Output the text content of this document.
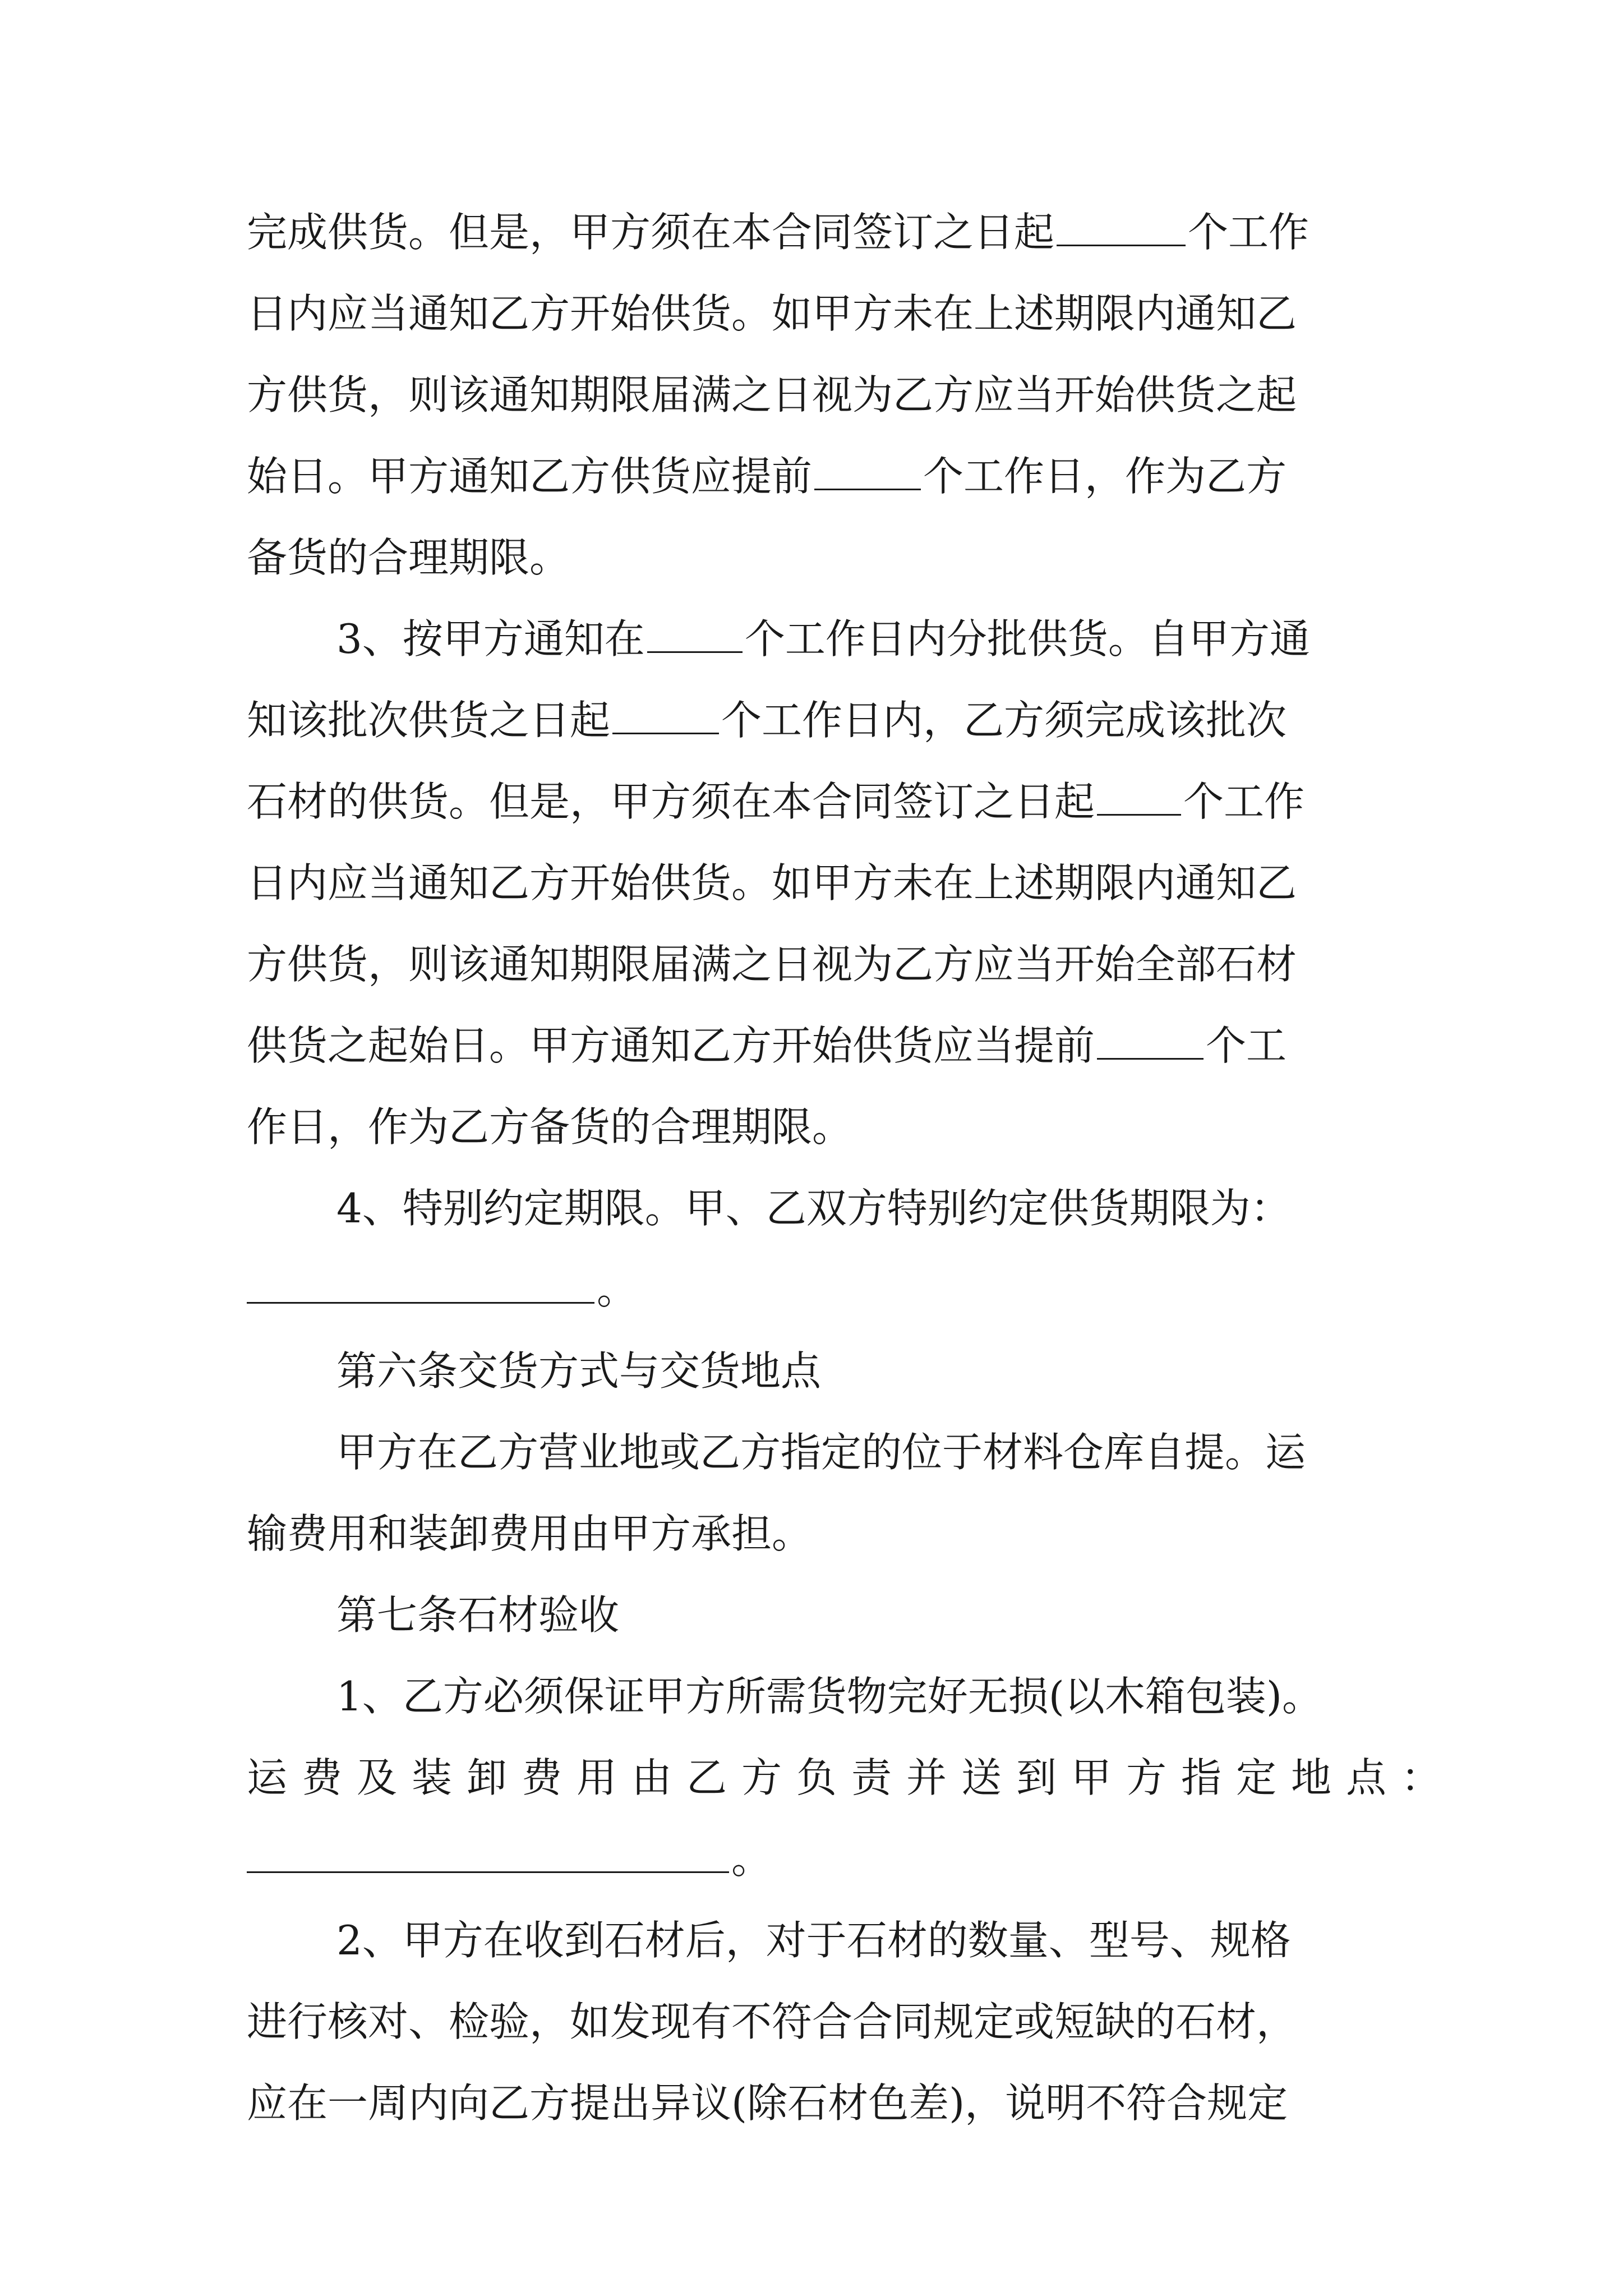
完成供货。但是，甲方须在本合同签订之日起	个工作
日内应当通知乙方开始供货。如甲方未在上述期限内通知乙
方供货，则该通知期限届满之日视为乙方应当开始供货之起
始日。甲方通知乙方供货应提前	个工作日，作为乙方
备货的合理期限。
3、按甲方通知在 个工作日内分批供货。自甲方通
知该批次供货之日起	个工作日内，乙方须完成该批次
石材的供货。但是，甲方须在本合同签订之日起 个工作
日内应当通知乙方开始供货。如甲方未在上述期限内通知乙
方供货，则该通知期限届满之日视为乙方应当开始全部石材
供货之起始日。甲方通知乙方开始供货应当提前	个工
作日，作为乙方备货的合理期限。
4、特别约定期限。甲、乙双方特别约定供货期限为：
。
第六条交货方式与交货地点
甲方在乙方营业地或乙方指定的位于材料仓库自提。运
输费用和装卸费用由甲方承担。
第七条石材验收
1、乙方必须保证甲方所需货物完好无损(以木箱包装)。
运费及装卸费用由乙方负责并送到甲方指定地点：
。
2、甲方在收到石材后，对于石材的数量、型号、规格
进行核对、检验，如发现有不符合合同规定或短缺的石材，
应在一周内向乙方提出异议(除石材色差)，说明不符合规定
